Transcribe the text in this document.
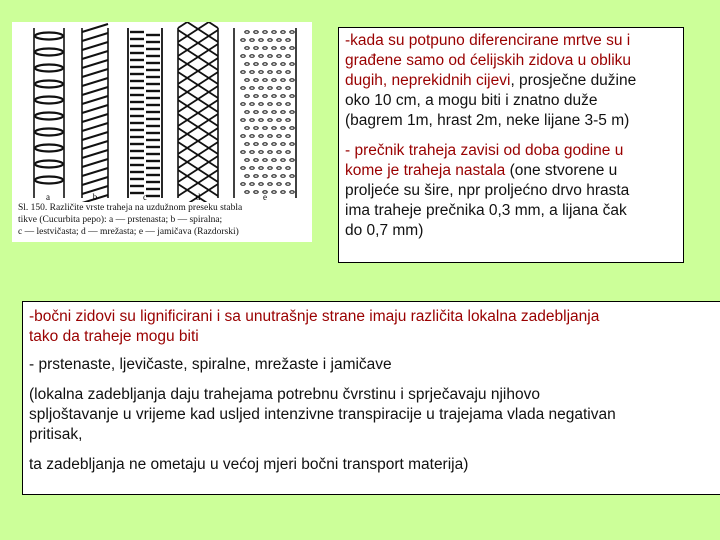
a	b	c	d	e
Sl. 150. Različite vrste traheja na uzdužnom preseku stabla
tikve (Cucurbita pepo): a — prstenasta; b — spiralna;
c — lestvičasta; d — mrežasta; e — jamičava (Razdorski)
-kada su potpuno diferencirane mrtve su i
građene samo od ćelijskih zidova u obliku
dugih, neprekidnih cijevi, prosječne dužine
oko 10 cm, a mogu biti i znatno duže
(bagrem 1m, hrast 2m, neke lijane 3-5 m)
- prečnik traheja zavisi od doba godine u
kome je traheja nastala (one stvorene u
proljeće su šire, npr proljećno drvo hrasta
ima traheje prečnika 0,3 mm, a lijana čak
do 0,7 mm)
-bočni zidovi su lignificirani i sa unutrašnje strane imaju različita lokalna zadebljanja
tako da traheje mogu biti
- prstenaste, ljevičaste, spiralne, mrežaste i jamičave
(lokalna zadebljanja daju trahejama potrebnu čvrstinu i sprječavaju njihovo
spljoštavanje u vrijeme kad usljed intenzivne transpiracije u trajejama vlada negativan
pritisak,
ta zadebljanja ne ometaju u većoj mjeri bočni transport materija)
